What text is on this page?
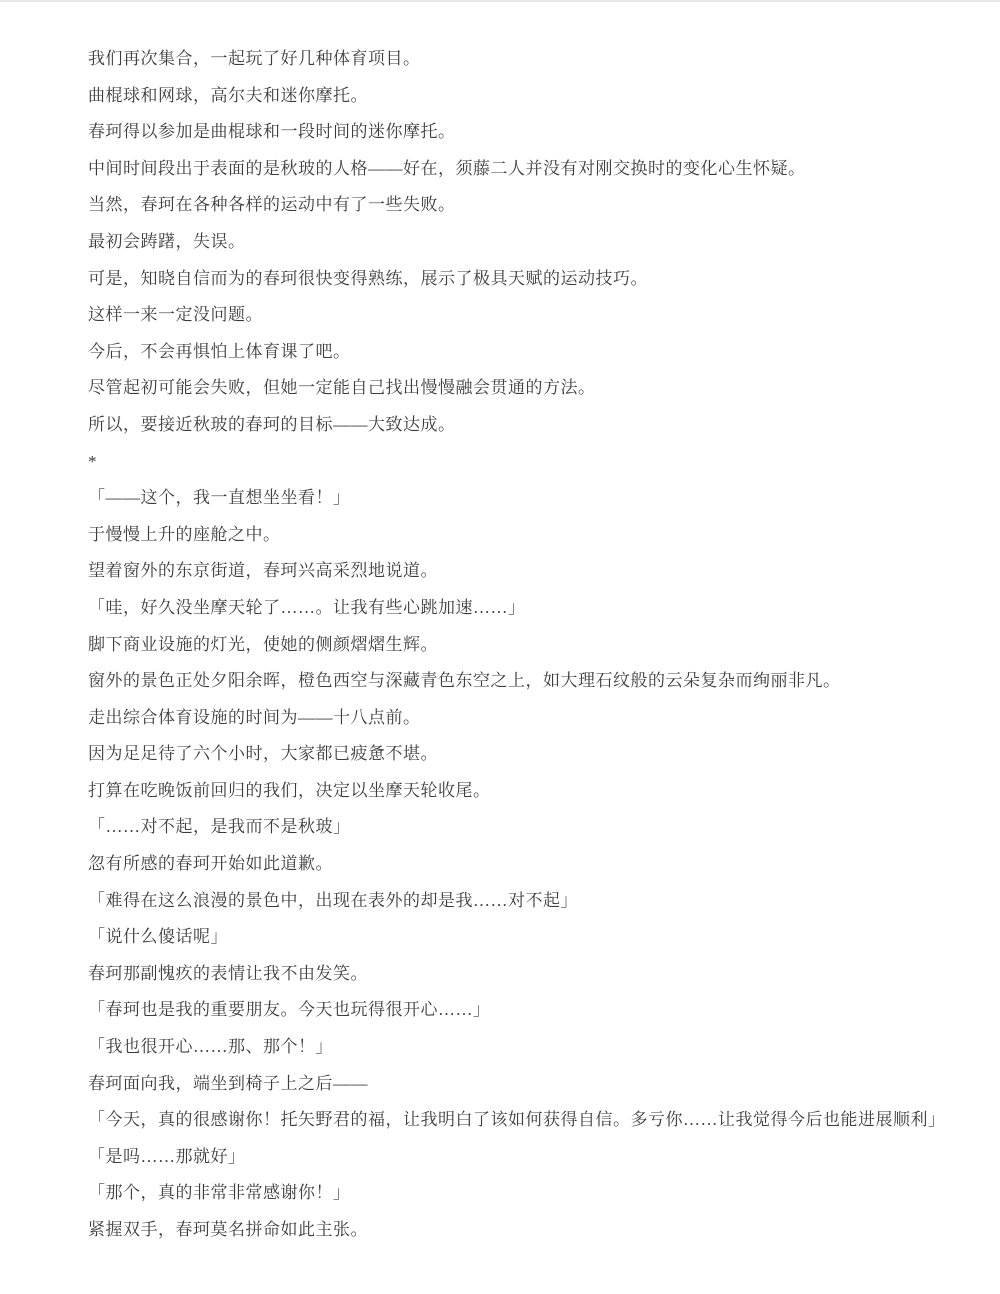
我们再次集合，一起玩了好几种体育项目。

曲棍球和网球，高尔夫和迷你摩托。

春珂得以参加是曲棍球和一段时间的迷你摩托。

中间时间段出于表面的是秋玻的人格——好在，须藤二人并没有对刚交换时的变化心生怀疑。

当然，春珂在各种各样的运动中有了一些失败。

最初会踌躇，失误。

可是，知晓自信而为的春珂很快变得熟练，展示了极具天赋的运动技巧。

这样一来一定没问题。

今后，不会再惧怕上体育课了吧。

尽管起初可能会失败，但她一定能自己找出慢慢融会贯通的方法。

所以，要接近秋玻的春珂的目标——大致达成。

*

「——这个，我一直想坐坐看！」

于慢慢上升的座舱之中。

望着窗外的东京街道，春珂兴高采烈地说道。

「哇，好久没坐摩天轮了……。让我有些心跳加速……」

脚下商业设施的灯光，使她的侧颜熠熠生辉。

窗外的景色正处夕阳余晖，橙色西空与深藏青色东空之上，如大理石纹般的云朵复杂而绚丽非凡。

走出综合体育设施的时间为——十八点前。

因为足足待了六个小时，大家都已疲惫不堪。

打算在吃晚饭前回归的我们，决定以坐摩天轮收尾。

「……对不起，是我而不是秋玻」

忽有所感的春珂开始如此道歉。

「难得在这么浪漫的景色中，出现在表外的却是我……对不起」

「说什么傻话呢」

春珂那副愧疚的表情让我不由发笑。

「春珂也是我的重要朋友。今天也玩得很开心……」

「我也很开心……那、那个！」

春珂面向我，端坐到椅子上之后——

「今天，真的很感谢你！托矢野君的福，让我明白了该如何获得自信。多亏你……让我觉得今后也能进展顺利」

「是吗……那就好」

「那个，真的非常非常感谢你！」

紧握双手，春珂莫名拼命如此主张。
